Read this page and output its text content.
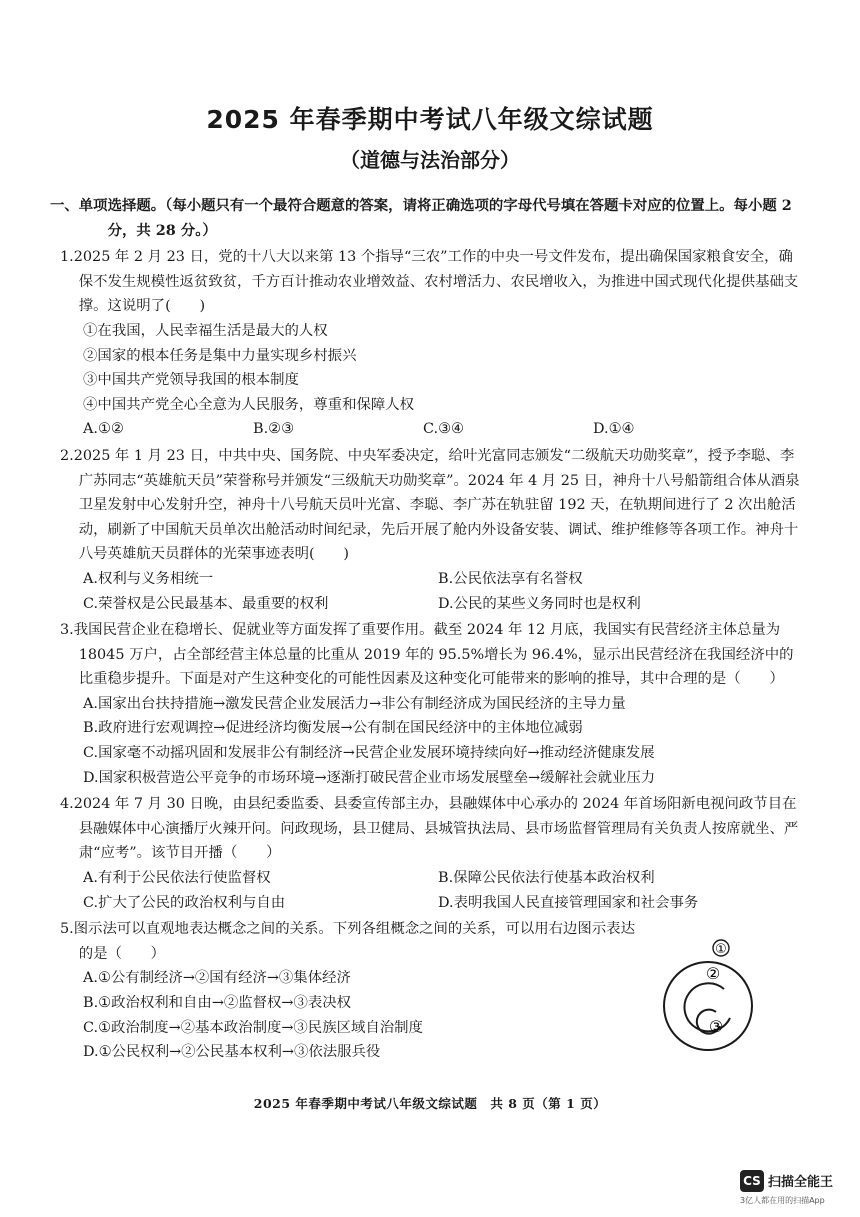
2025 年春季期中考试八年级文综试题
（道德与法治部分）
一、单项选择题。（每小题只有一个最符合题意的答案，请将正确选项的字母代号填在答题卡对应的位置上。每小题 2 分，共 28 分。）
1.2025 年 2 月 23 日，党的十八大以来第 13 个指导“三农”工作的中央一号文件发布，提出确保国家粮食安全，确保不发生规模性返贫致贫，千方百计推动农业增效益、农村增活力、农民增收入，为推进中国式现代化提供基础支撑。这说明了(　　)
①在我国，人民幸福生活是最大的人权
②国家的根本任务是集中力量实现乡村振兴
③中国共产党领导我国的根本制度
④中国共产党全心全意为人民服务，尊重和保障人权
A.①②	B.②③	C.③④	D.①④
2.2025 年 1 月 23 日，中共中央、国务院、中央军委决定，给叶光富同志颁发“二级航天功勋奖章”，授予李聪、李广苏同志“英雄航天员”荣誉称号并颁发“三级航天功勋奖章”。2024 年 4 月 25 日，神舟十八号船箭组合体从酒泉卫星发射中心发射升空，神舟十八号航天员叶光富、李聪、李广苏在轨驻留 192 天，在轨期间进行了 2 次出舱活动，刷新了中国航天员单次出舱活动时间纪录，先后开展了舱内外设备安装、调试、维护维修等各项工作。神舟十八号英雄航天员群体的光荣事迹表明(　　)
A.权利与义务相统一	B.公民依法享有名誉权
C.荣誉权是公民最基本、最重要的权利	D.公民的某些义务同时也是权利
3.我国民营企业在稳增长、促就业等方面发挥了重要作用。截至 2024 年 12 月底，我国实有民营经济主体总量为 18045 万户，占全部经营主体总量的比重从 2019 年的 95.5%增长为 96.4%，显示出民营经济在我国经济中的比重稳步提升。下面是对产生这种变化的可能性因素及这种变化可能带来的影响的推导，其中合理的是（　　）
A.国家出台扶持措施→激发民营企业发展活力→非公有制经济成为国民经济的主导力量
B.政府进行宏观调控→促进经济均衡发展→公有制在国民经济中的主体地位减弱
C.国家毫不动摇巩固和发展非公有制经济→民营企业发展环境持续向好→推动经济健康发展
D.国家积极营造公平竞争的市场环境→逐渐打破民营企业市场发展壁垒→缓解社会就业压力
4.2024 年 7 月 30 日晚，由县纪委监委、县委宣传部主办，县融媒体中心承办的 2024 年首场阳新电视问政节目在县融媒体中心演播厅火辣开问。问政现场，县卫健局、县城管执法局、县市场监督管理局有关负责人按席就坐、严肃“应考”。该节目开播（　　）
A.有利于公民依法行使监督权	B.保障公民依法行使基本政治权利
C.扩大了公民的政治权利与自由	D.表明我国人民直接管理国家和社会事务
5.图示法可以直观地表达概念之间的关系。下列各组概念之间的关系，可以用右边图示表达的是（　　）
A.①公有制经济→②国有经济→③集体经济
B.①政治权利和自由→②监督权→③表决权
C.①政治制度→②基本政治制度→③民族区域自治制度
D.①公民权利→②公民基本权利→③依法服兵役
①
②
③
2025 年春季期中考试八年级文综试题　共 8 页（第 1 页）
CS 扫描全能王
3亿人都在用的扫描App
